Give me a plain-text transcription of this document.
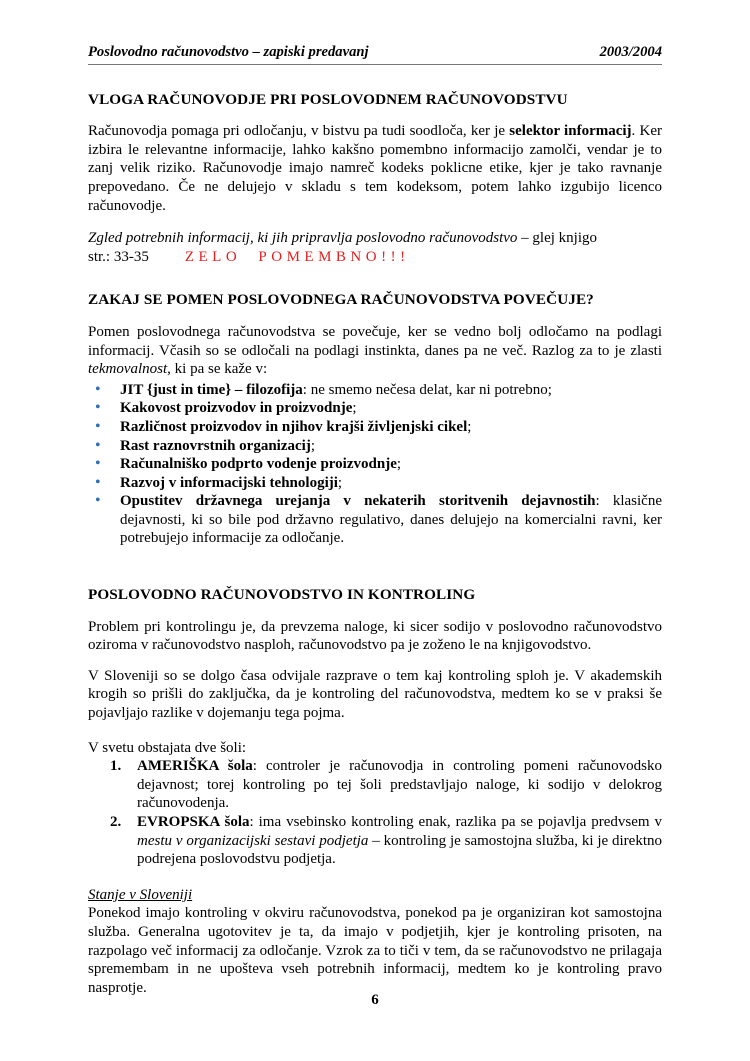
Poslovodno računovodstvo – zapiski predavanj	2003/2004
VLOGA RAČUNOVODJE PRI POSLOVODNEM RAČUNOVODSTVU

Računovodja pomaga pri odločanju, v bistvu pa tudi soodloča, ker je selektor informacij. Ker izbira le relevantne informacije, lahko kakšno pomembno informacijo zamolči, vendar je to zanj velik riziko. Računovodje imajo namreč kodeks poklicne etike, kjer je tako ravnanje prepovedano. Če ne delujejo v skladu s tem kodeksom, potem lahko izgubijo licenco računovodje.

Zgled potrebnih informacij, ki jih pripravlja poslovodno računovodstvo – glej knjigo

str.: 33-35 ZELO POMEMBNO!!!

ZAKAJ SE POMEN POSLOVODNEGA RAČUNOVODSTVA POVEČUJE?

Pomen poslovodnega računovodstva se povečuje, ker se vedno bolj odločamo na podlagi informacij. Včasih so se odločali na podlagi instinkta, danes pa ne več. Razlog za to je zlasti tekmovalnost, ki pa se kaže v:

•
JIT {just in time} – filozofija: ne smemo nečesa delat, kar ni potrebno;
•
Kakovost proizvodov in proizvodnje;
•
Različnost proizvodov in njihov krajši življenjski cikel;
•
Rast raznovrstnih organizacij;
•
Računalniško podprto vodenje proizvodnje;
•
Razvoj v informacijski tehnologiji;
•
Opustitev državnega urejanja v nekaterih storitvenih dejavnostih: klasične dejavnosti, ki so bile pod državno regulativo, danes delujejo na komercialni ravni, ker potrebujejo informacije za odločanje.
POSLOVODNO RAČUNOVODSTVO IN KONTROLING

Problem pri kontrolingu je, da prevzema naloge, ki sicer sodijo v poslovodno računovodstvo oziroma v računovodstvo nasploh, računovodstvo pa je zoženo le na knjigovodstvo.

V Sloveniji so se dolgo časa odvijale razprave o tem kaj kontroling sploh je. V akademskih krogih so prišli do zaključka, da je kontroling del računovodstva, medtem ko se v praksi še pojavljajo razlike v dojemanju tega pojma.

V svetu obstajata dve šoli:

AMERIŠKA šola: controler je računovodja in controling pomeni računovodsko dejavnost; torej kontroling po tej šoli predstavljajo naloge, ki sodijo v delokrog računovodenja.
EVROPSKA šola: ima vsebinsko kontroling enak, razlika pa se pojavlja predvsem v mestu v organizacijski sestavi podjetja – kontroling je samostojna služba, ki je direktno podrejena poslovodstvu podjetja.
Stanje v Sloveniji

Ponekod imajo kontroling v okviru računovodstva, ponekod pa je organiziran kot samostojna služba. Generalna ugotovitev je ta, da imajo v podjetjih, kjer je kontroling prisoten, na razpolago več informacij za odločanje. Vzrok za to tiči v tem, da se računovodstvo ne prilagaja spremembam in ne upošteva vseh potrebnih informacij, medtem ko je kontroling pravo nasprotje.

6
